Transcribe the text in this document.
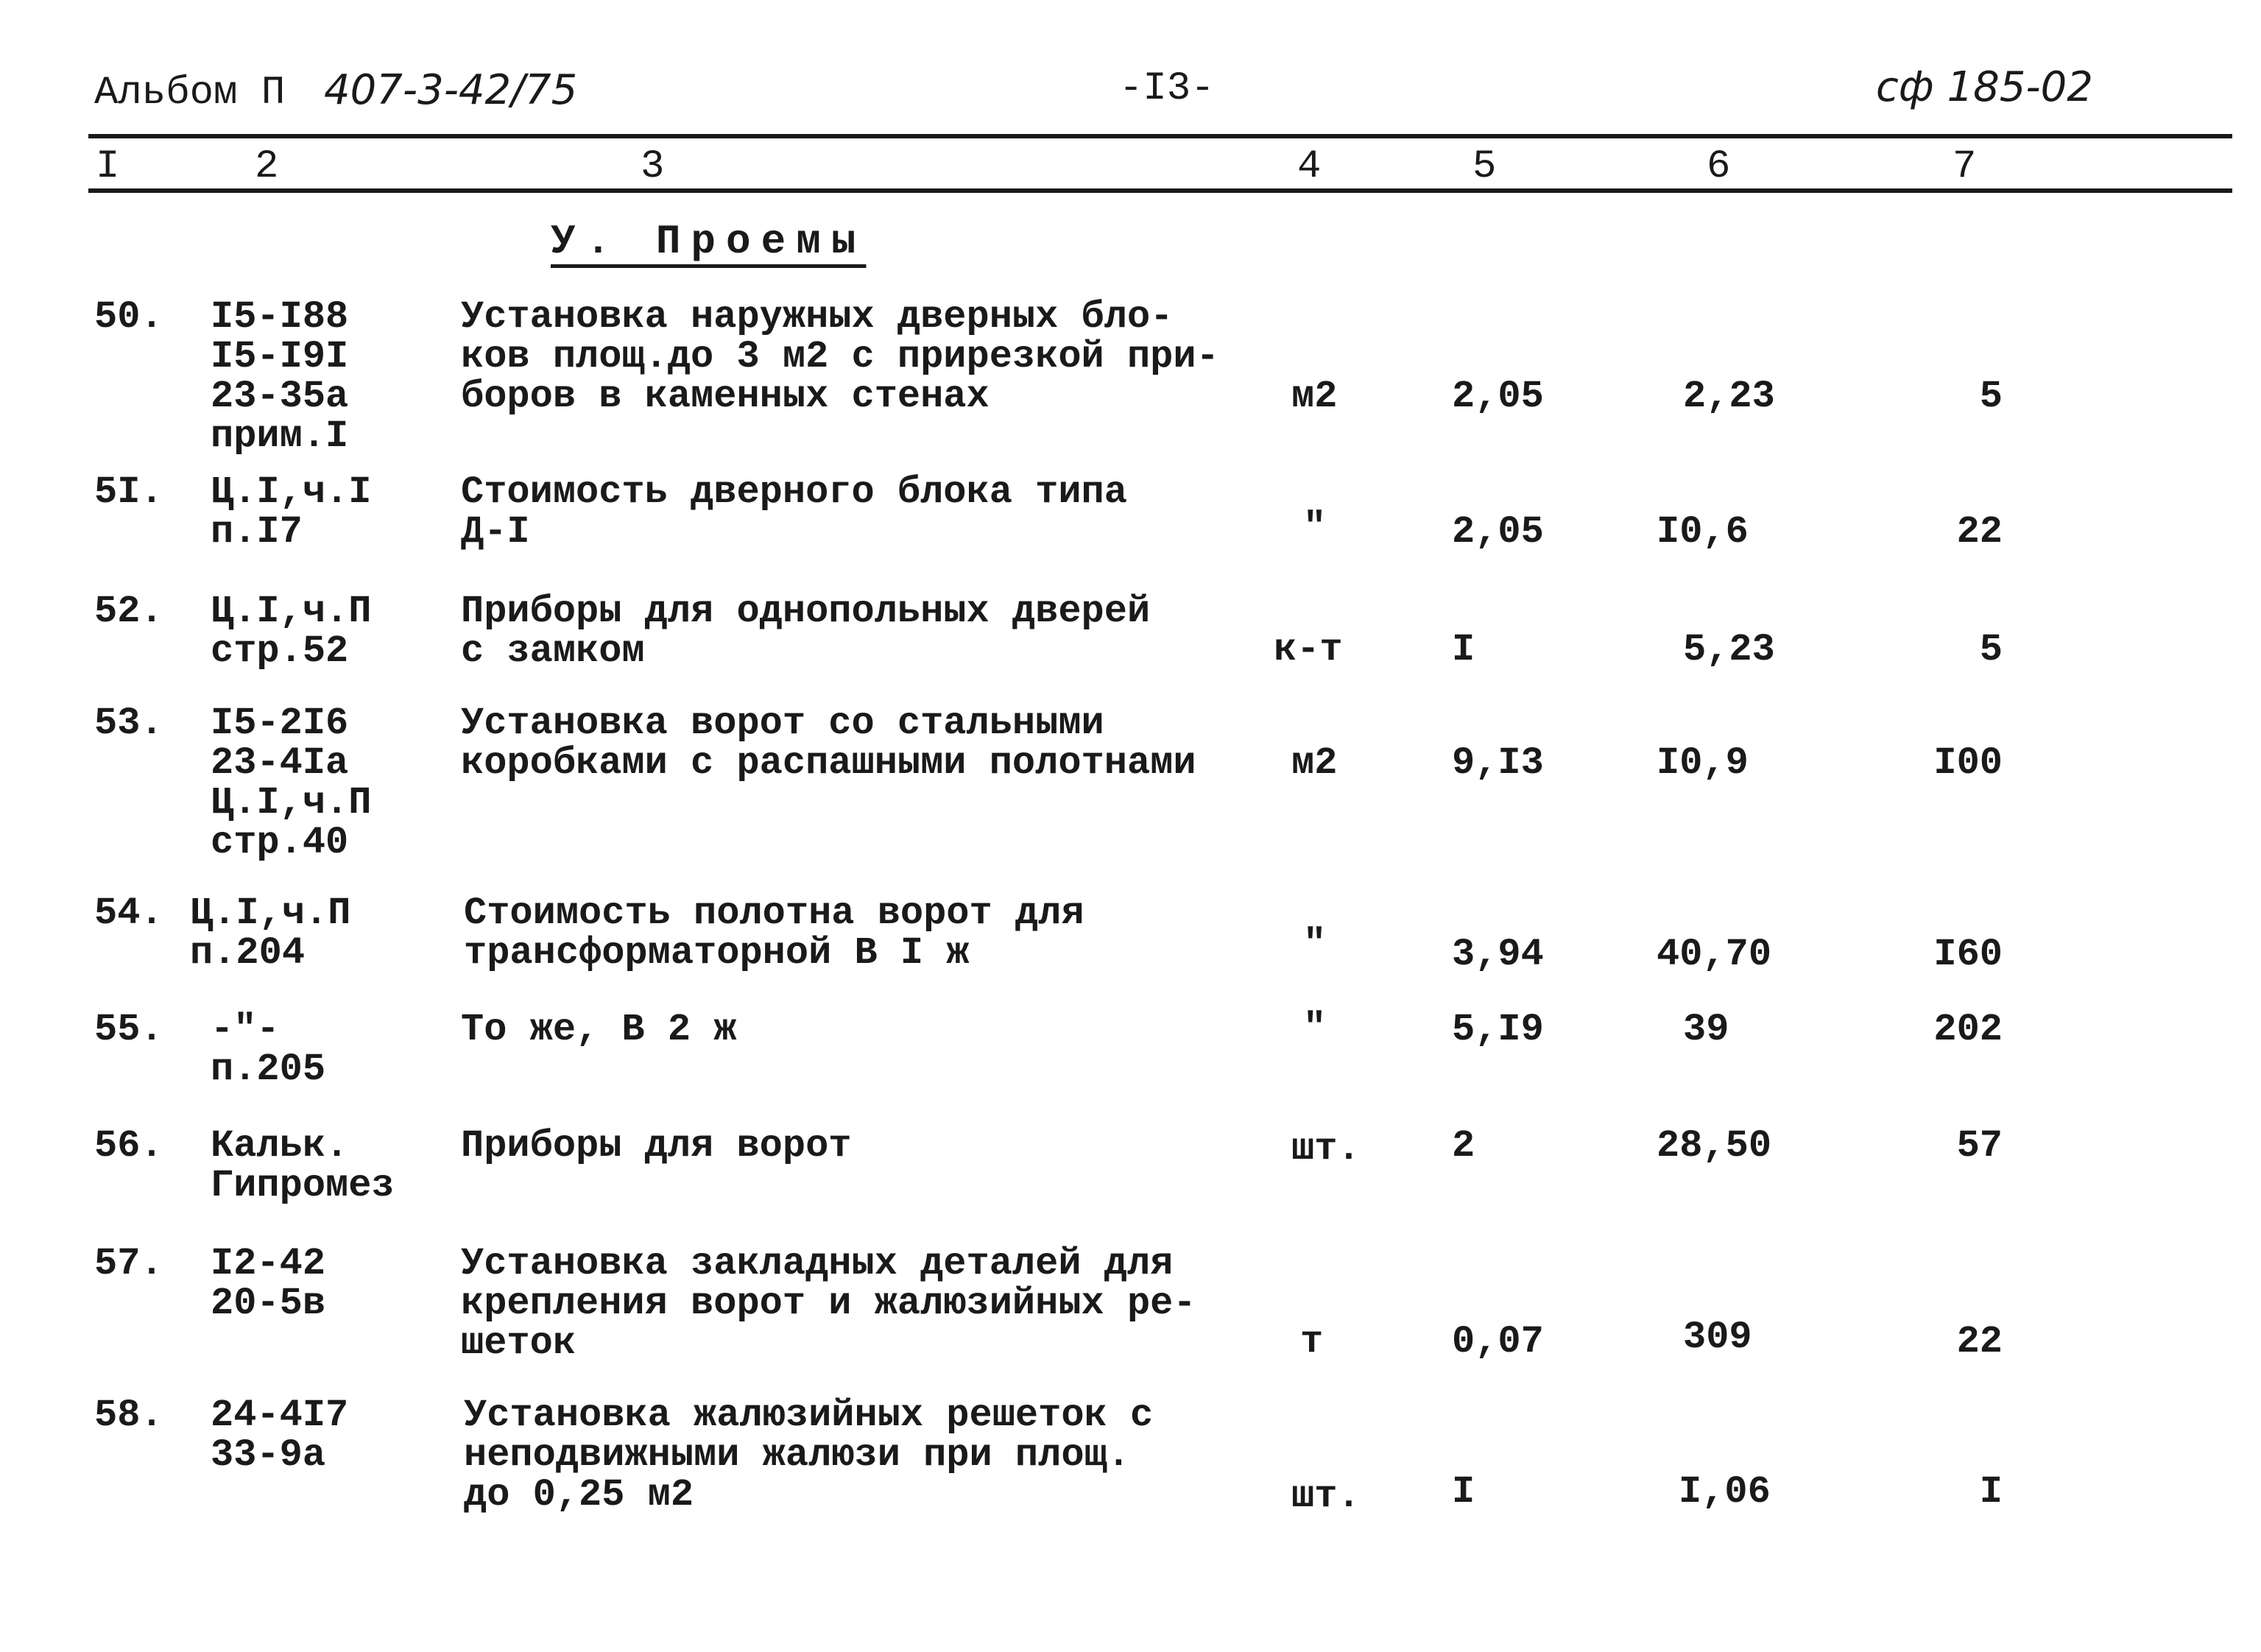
Альбом П 407-3-42/75	-I3-	сф 185-02
I	2	3	4	5	6	7
У. Проемы
50. I5-I88
I5-I9I
23-35а
прим.I
Установка наружных дверных бло-
ков площ.до 3 м2 с прирезкой при-
боров в каменных стенах	м2	2,05	2,23	5
5I. Ц.I,ч.I
п.I7
Стоимость дверного блока типа
Д-I	"	2,05	I0,6	22
52. Ц.I,ч.П
стр.52
Приборы для однопольных дверей
с замком	к-т	I	5,23	5
53. I5-2I6
23-4Iа
Ц.I,ч.П
стр.40
Установка ворот со стальными
коробками с распашными полотнами м2	9,I3	I0,9	I00
54. Ц.I,ч.П
п.204
Стоимость полотна ворот для
трансформаторной В I ж	"	3,94	40,70	I60
55. -"-
п.205
То же, В 2 ж	"	5,I9	39	202
56. Кальк.
Гипромез
Приборы для ворот	шт. 2	28,50	57
57. I2-42
20-5в
Установка закладных деталей для
крепления ворот и жалюзийных ре-
шеток	т	0,07	309	22
58. 24-4I7
33-9а
Установка жалюзийных решеток с
неподвижными жалюзи при площ.
до 0,25 м2	шт. I	I,06	I
